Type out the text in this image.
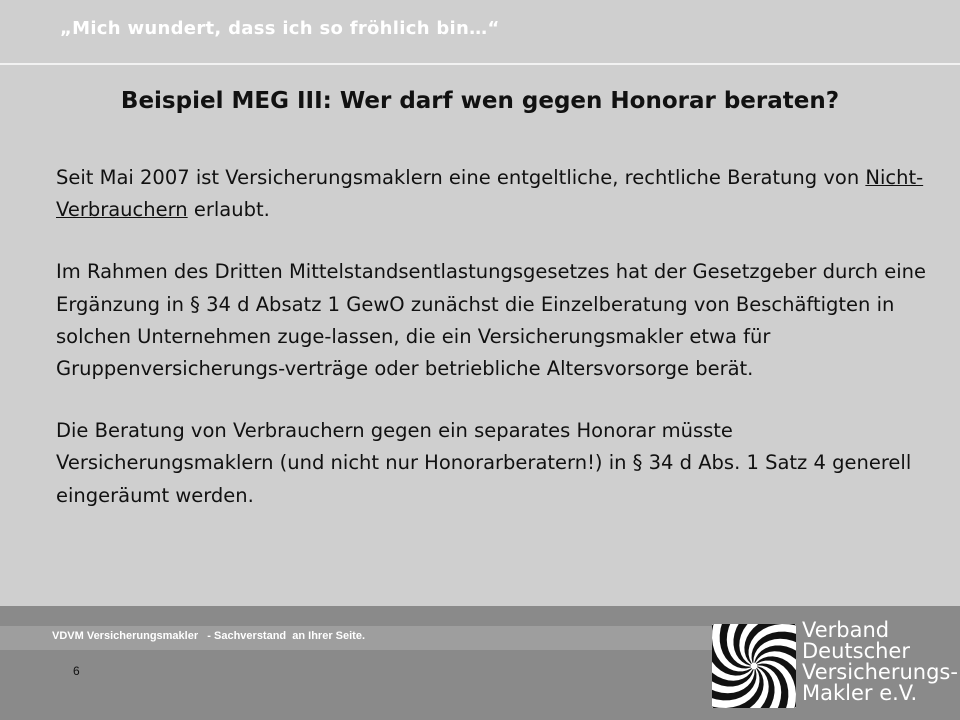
„Mich wundert, dass ich so fröhlich bin…“
Beispiel MEG III: Wer darf wen gegen Honorar beraten?

Seit Mai 2007 ist Versicherungsmaklern eine entgeltliche, rechtliche Beratung von Nicht-Verbrauchern erlaubt.

Im Rahmen des Dritten Mittelstandsentlastungsgesetzes hat der Gesetzgeber durch eine Ergänzung in § 34 d Absatz 1 GewO zunächst die Einzelberatung von Beschäftigten in solchen Unternehmen zuge-lassen, die ein Versicherungsmakler etwa für Gruppenversicherungs-verträge oder betriebliche Altersvorsorge berät.

Die Beratung von Verbrauchern gegen ein separates Honorar müsste Versicherungsmaklern (und nicht nur Honorarberatern!) in § 34 d Abs. 1 Satz 4 generell eingeräumt werden.

VDVM Versicherungsmakler   - Sachverstand  an Ihrer Seite.
6
Verband
Deutscher
Versicherungs-
Makler e.V.
